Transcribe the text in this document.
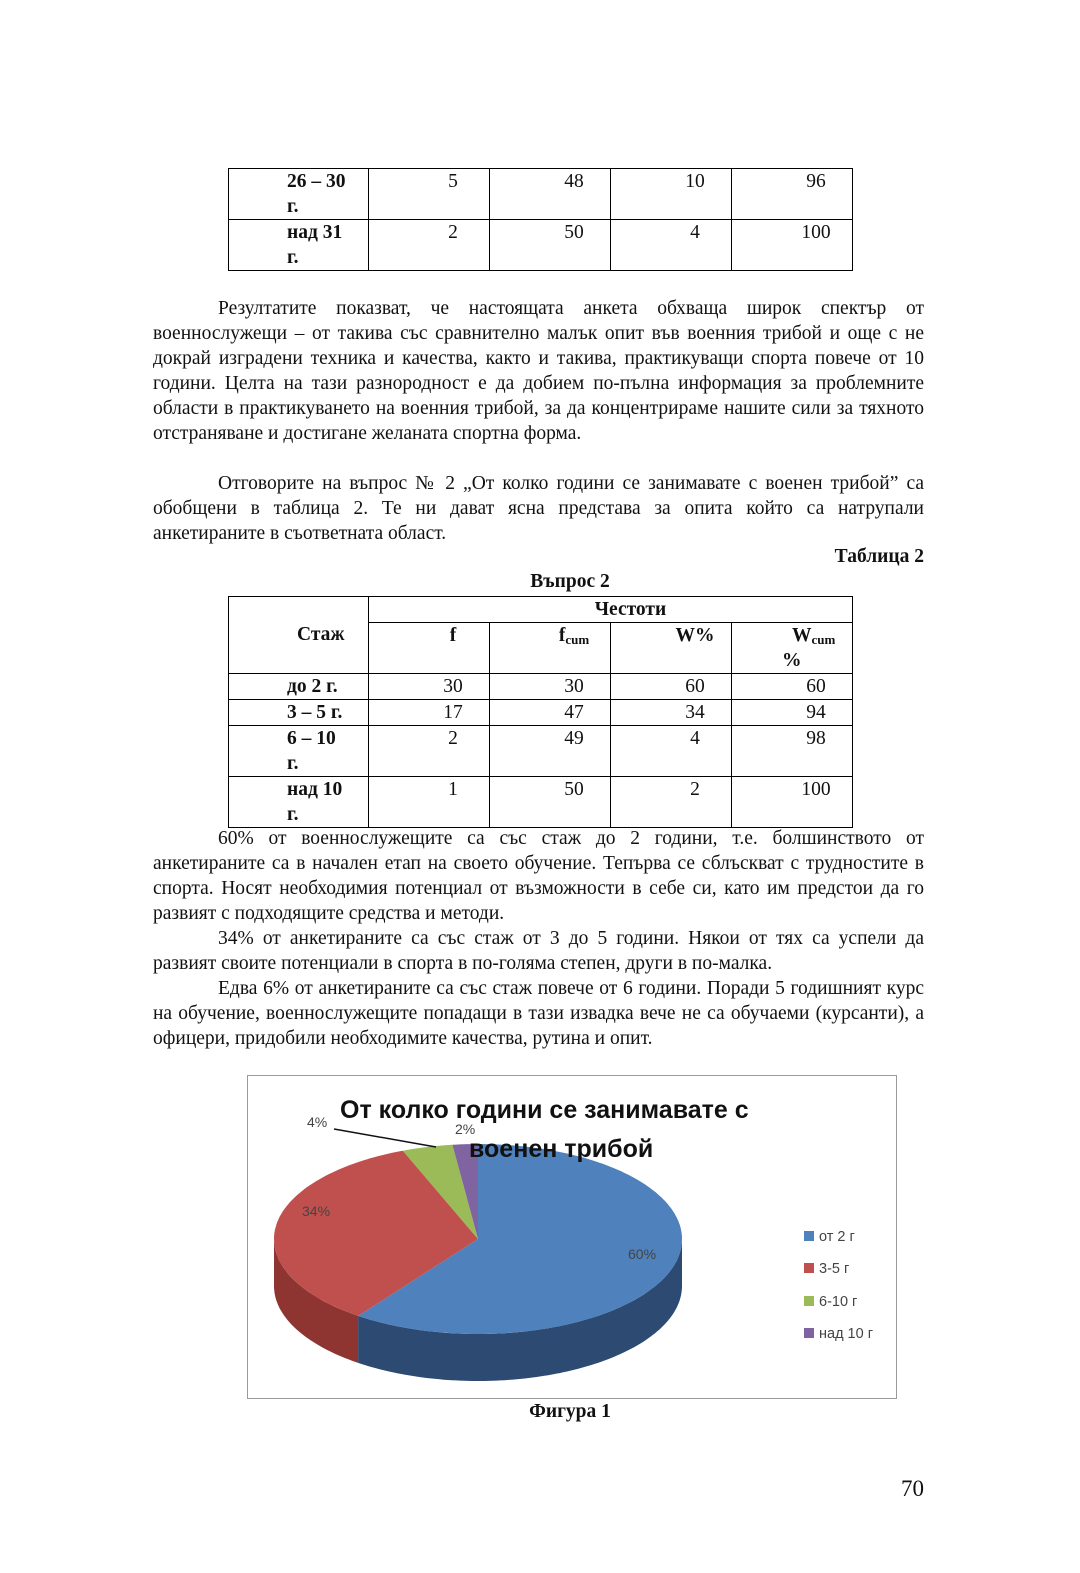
26 – 30 г.	5	48	10	96
над 31 г.	2	50	4	100

Резултатите показват, че настоящата анкета обхваща широк спектър от военнослужещи – от такива със сравнително малък опит във военния трибой и още с не докрай изградени техника и качества, както и такива, практикуващи спорта повече от 10 години. Целта на тази разнородност е да добием по-пълна информация за проблемните области в практикуването на военния трибой, за да концентрираме нашите сили за тяхното отстраняване и достигане желаната спортна форма.

Отговорите на въпрос № 2 „От колко години се занимавате с военен трибой” са обобщени в таблица 2. Те ни дават ясна представа за опита който са натрупали анкетираните в съответната област.

Таблица 2
Въпрос 2
Стаж	Честоти			
	f	$f_{cum}$	W%	$W_{cum}$
%

до 2 г.	30	30	60	60
3 – 5 г.	17	47	34	94
6 – 10 г.	2	49	4	98
над 10 г.	1	50	2	100

60% от военнослужещите са със стаж до 2 години, т.е. болшинството от анкетираните са в начален етап на своето обучение. Тепърва се сблъскват с трудностите в спорта. Носят необходимия потенциал от възможности в себе си, като им предстои да го развият с подходящите средства и методи.

34% от анкетираните са със стаж от 3 до 5 години. Някои от тях са успели да развият своите потенциали в спорта в по-голяма степен, други в по-малка.

Едва 6% от анкетираните са със стаж повече от 6 години. Поради 5 годишният курс на обучение, военнослужещите попадащи в тази извадка вече не са обучаеми (курсанти), а офицери, придобили необходимите качества, рутина и опит.

От колко години се занимавате с
военен трибой
4%	2%
34%
60%
от 2 г
3-5 г
6-10 г
над 10 г
Фигура 1
70
